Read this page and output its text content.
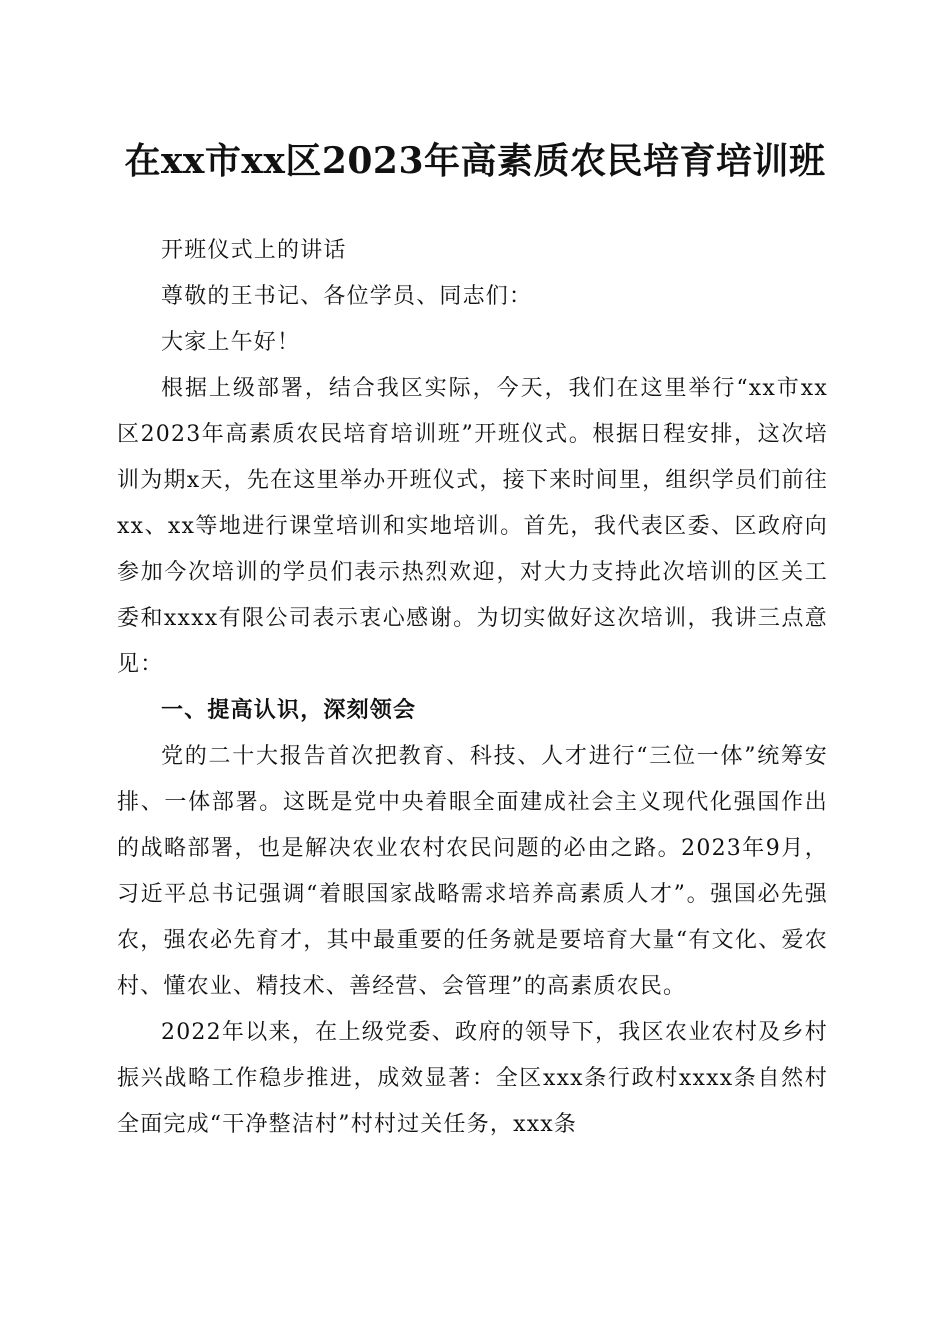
在xx市xx区2023年高素质农民培育培训班

开班仪式上的讲话

尊敬的王书记、各位学员、同志们：

大家上午好！

根据上级部署，结合我区实际，今天，我们在这里举行“xx市xx区2023年高素质农民培育培训班”开班仪式。根据日程安排，这次培训为期x天，先在这里举办开班仪式，接下来时间里，组织学员们前往xx、xx等地进行课堂培训和实地培训。首先，我代表区委、区政府向参加今次培训的学员们表示热烈欢迎，对大力支持此次培训的区关工委和xxxx有限公司表示衷心感谢。为切实做好这次培训，我讲三点意见：

一、提高认识，深刻领会

党的二十大报告首次把教育、科技、人才进行“三位一体”统筹安排、一体部署。这既是党中央着眼全面建成社会主义现代化强国作出的战略部署，也是解决农业农村农民问题的必由之路。2023年9月，习近平总书记强调“着眼国家战略需求培养高素质人才”。强国必先强农，强农必先育才，其中最重要的任务就是要培育大量“有文化、爱农村、懂农业、精技术、善经营、会管理”的高素质农民。

2022年以来，在上级党委、政府的领导下，我区农业农村及乡村振兴战略工作稳步推进，成效显著：全区xxx条行政村xxxx条自然村全面完成“干净整洁村”村村过关任务，xxx条
